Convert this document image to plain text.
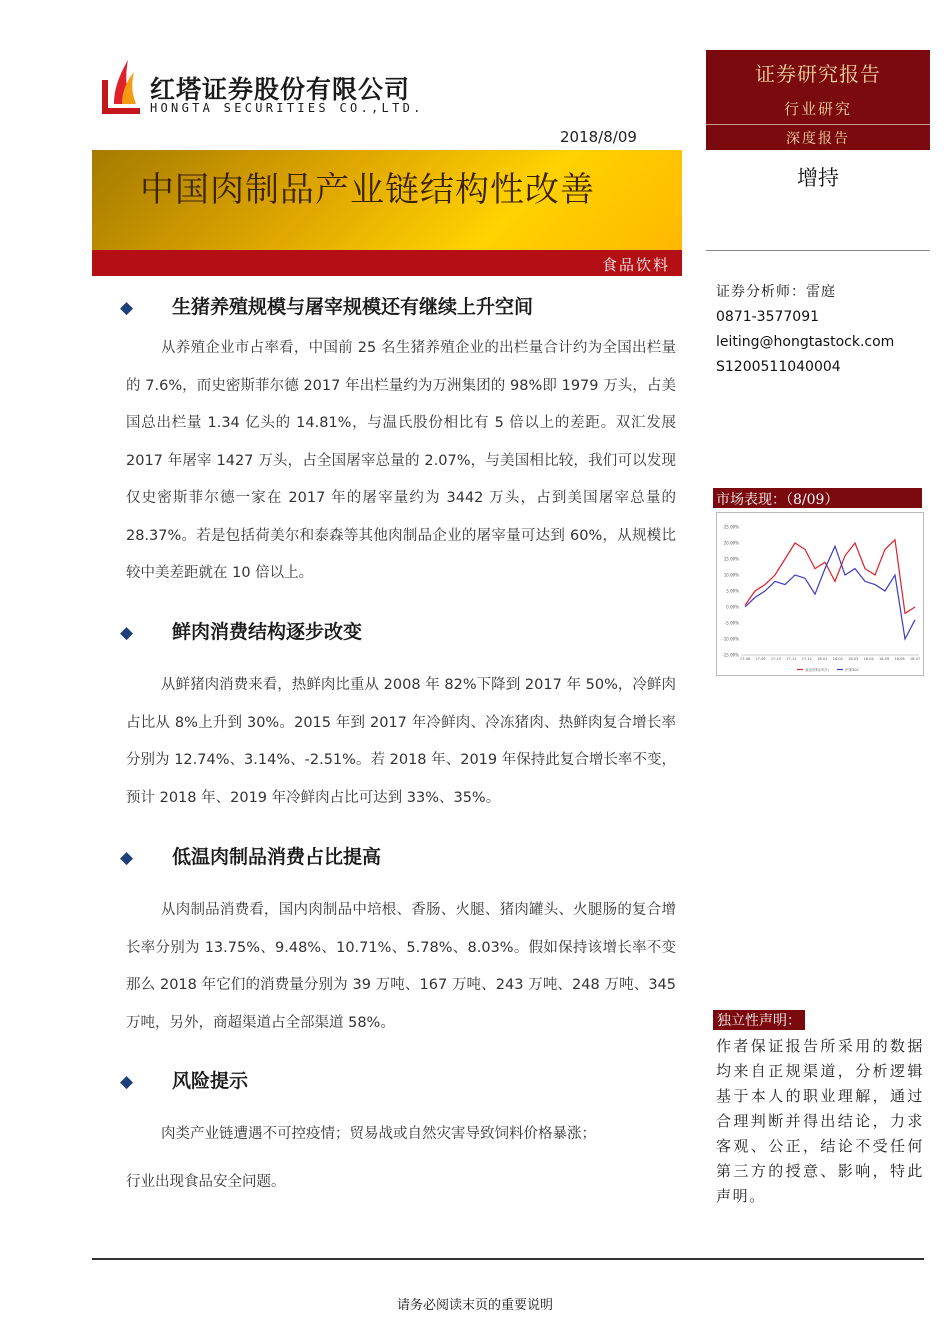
红塔证券股份有限公司
HONGTA SECURITIES CO.,LTD.
2018/8/09
中国肉制品产业链结构性改善
食品饮料
证券研究报告
行业研究
深度报告
增持
证券分析师：雷庭
0871-3577091
leiting@hongtastock.com
S1200511040004
市场表现：（8/09）
25.00%
20.00%
15.00%
10.00%
5.00%
0.00%
-5.00%
-10.00%
-15.00%
17-08 17-09 17-10 17-11 17-12 18-01 18-02 18-03 18-04 18-05 18-06 18-07
食品饮料(申万)	沪深300
独立性声明：
作者保证报告所采用的数据均来自正规渠道，分析逻辑基于本人的职业理解，通过合理判断并得出结论，力求客观、公正，结论不受任何第三方的授意、影响，特此声明。
◆ 生猪养殖规模与屠宰规模还有继续上升空间
从养殖企业市占率看，中国前 25 名生猪养殖企业的出栏量合计约为全国出栏量的 7.6%，而史密斯菲尔德 2017 年出栏量约为万洲集团的 98%即 1979 万头，占美国总出栏量 1.34 亿头的 14.81%，与温氏股份相比有 5 倍以上的差距。双汇发展 2017 年屠宰 1427 万头，占全国屠宰总量的 2.07%，与美国相比较，我们可以发现仅史密斯菲尔德一家在 2017 年的屠宰量约为 3442 万头，占到美国屠宰总量的 28.37%。若是包括荷美尔和泰森等其他肉制品企业的屠宰量可达到 60%，从规模比较中美差距就在 10 倍以上。
◆ 鲜肉消费结构逐步改变
从鲜猪肉消费来看，热鲜肉比重从 2008 年 82%下降到 2017 年 50%，冷鲜肉占比从 8%上升到 30%。2015 年到 2017 年冷鲜肉、冷冻猪肉、热鲜肉复合增长率分别为 12.74%、3.14%、-2.51%。若 2018 年、2019 年保持此复合增长率不变，预计 2018 年、2019 年冷鲜肉占比可达到 33%、35%。
◆ 低温肉制品消费占比提高
从肉制品消费看，国内肉制品中培根、香肠、火腿、猪肉罐头、火腿肠的复合增长率分别为 13.75%、9.48%、10.71%、5.78%、8.03%。假如保持该增长率不变那么 2018 年它们的消费量分别为 39 万吨、167 万吨、243 万吨、248 万吨、345 万吨，另外，商超渠道占全部渠道 58%。
◆ 风险提示
肉类产业链遭遇不可控疫情；贸易战或自然灾害导致饲料价格暴涨；
行业出现食品安全问题。
请务必阅读末页的重要说明
